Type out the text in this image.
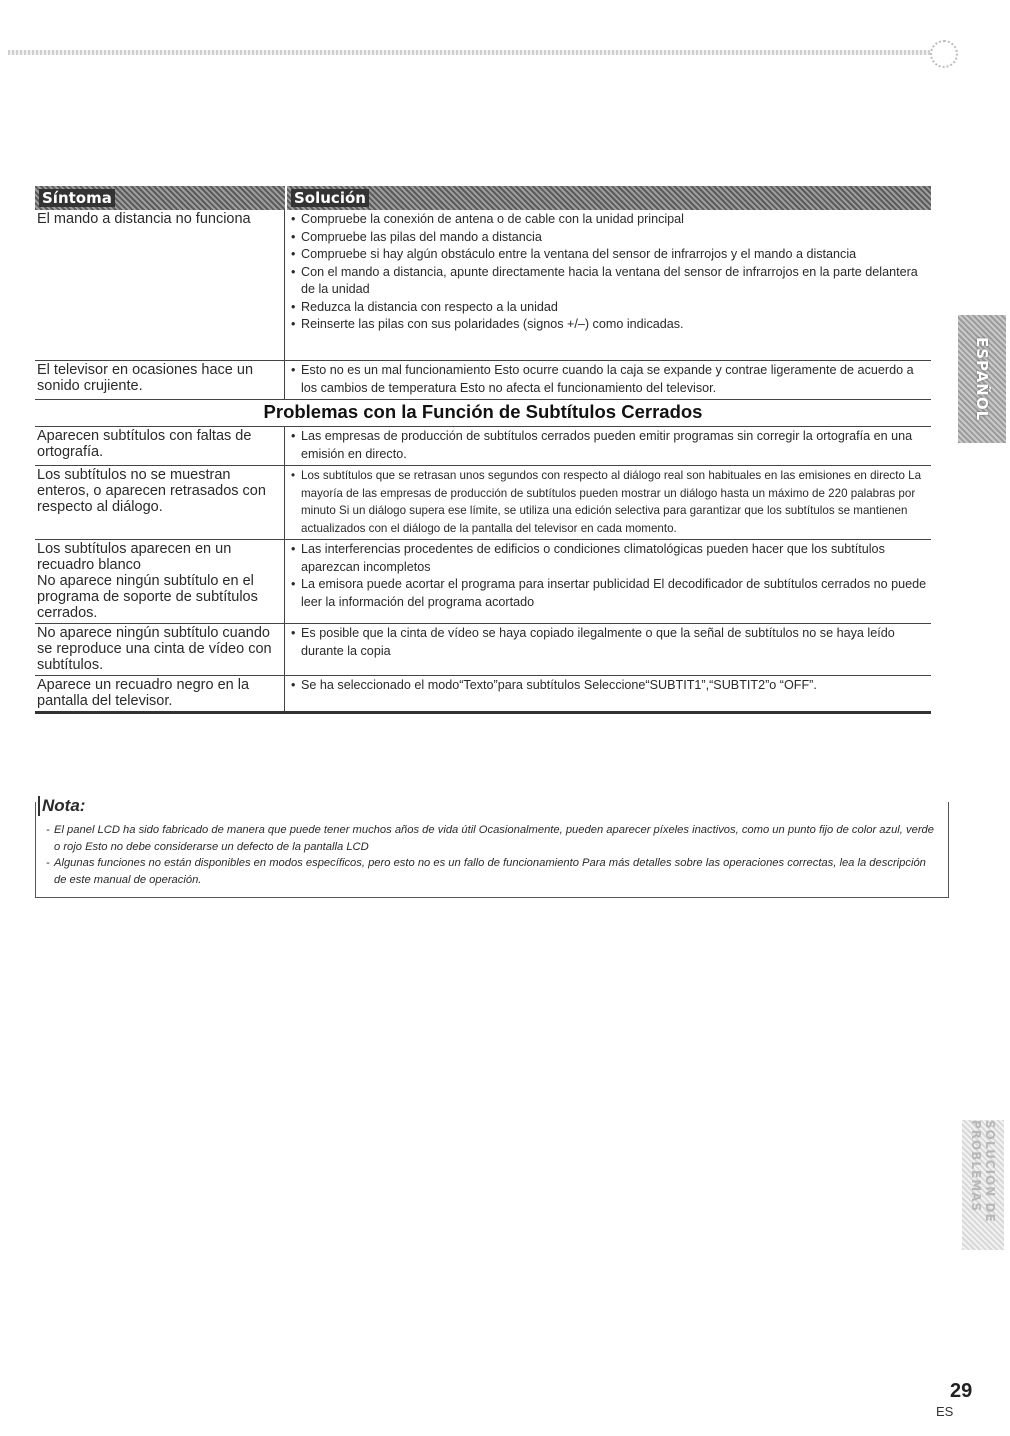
ESPAÑOL
SOLUCIÓN DE PROBLEMAS
Síntoma	Solución
El mando a distancia no funciona
•	Compruebe la conexión de antena o de cable con la unidad principal
• Compruebe las pilas del mando a distancia
• Compruebe si hay algún obstáculo entre la ventana del sensor de infrarrojos y el mando a distancia
• Con el mando a distancia, apunte directamente hacia la ventana del sensor de infrarrojos en la parte delantera de la unidad
• Reduzca la distancia con respecto a la unidad
• Reinserte las pilas con sus polaridades (signos +/–) como indicadas.
El televisor en ocasiones hace un sonido crujiente.
• Esto no es un mal funcionamiento Esto ocurre cuando la caja se expande y contrae ligeramente de acuerdo a los cambios de temperatura Esto no afecta el funcionamiento del televisor.
Problemas con la Función de Subtítulos Cerrados
Aparecen subtítulos con faltas de ortografía.
• Las empresas de producción de subtítulos cerrados pueden emitir programas sin corregir la ortografía en una emisión en directo.
Los subtítulos no se muestran enteros, o aparecen retrasados con respecto al diálogo.
• Los subtítulos que se retrasan unos segundos con respecto al diálogo real son habituales en las emisiones en directo La mayoría de las empresas de producción de subtítulos pueden mostrar un diálogo hasta un máximo de 220 palabras por minuto Si un diálogo supera ese límite, se utiliza una edición selectiva para garantizar que los subtítulos se mantienen actualizados con el diálogo de la pantalla del televisor en cada momento.
Los subtítulos aparecen en un recuadro blanco
No aparece ningún subtítulo en el programa de soporte de subtítulos cerrados.
• Las interferencias procedentes de edificios o condiciones climatológicas pueden hacer que los subtítulos aparezcan incompletos
• La emisora puede acortar el programa para insertar publicidad El decodificador de subtítulos cerrados no puede leer la información del programa acortado
No aparece ningún subtítulo cuando se reproduce una cinta de vídeo con subtítulos.
• Es posible que la cinta de vídeo se haya copiado ilegalmente o que la señal de subtítulos no se haya leído durante la copia
Aparece un recuadro negro en la pantalla del televisor.
• Se ha seleccionado el modo“Texto”para subtítulos Seleccione“SUBTIT1”,“SUBTIT2”o “OFF”.
Nota:
- El panel LCD ha sido fabricado de manera que puede tener muchos años de vida útil Ocasionalmente, pueden aparecer píxeles inactivos, como un punto fijo de color azul, verde o rojo Esto no debe considerarse un defecto de la pantalla LCD
- Algunas funciones no están disponibles en modos específicos, pero esto no es un fallo de funcionamiento Para más detalles sobre las operaciones correctas, lea la descripción de este manual de operación.
29
ES
